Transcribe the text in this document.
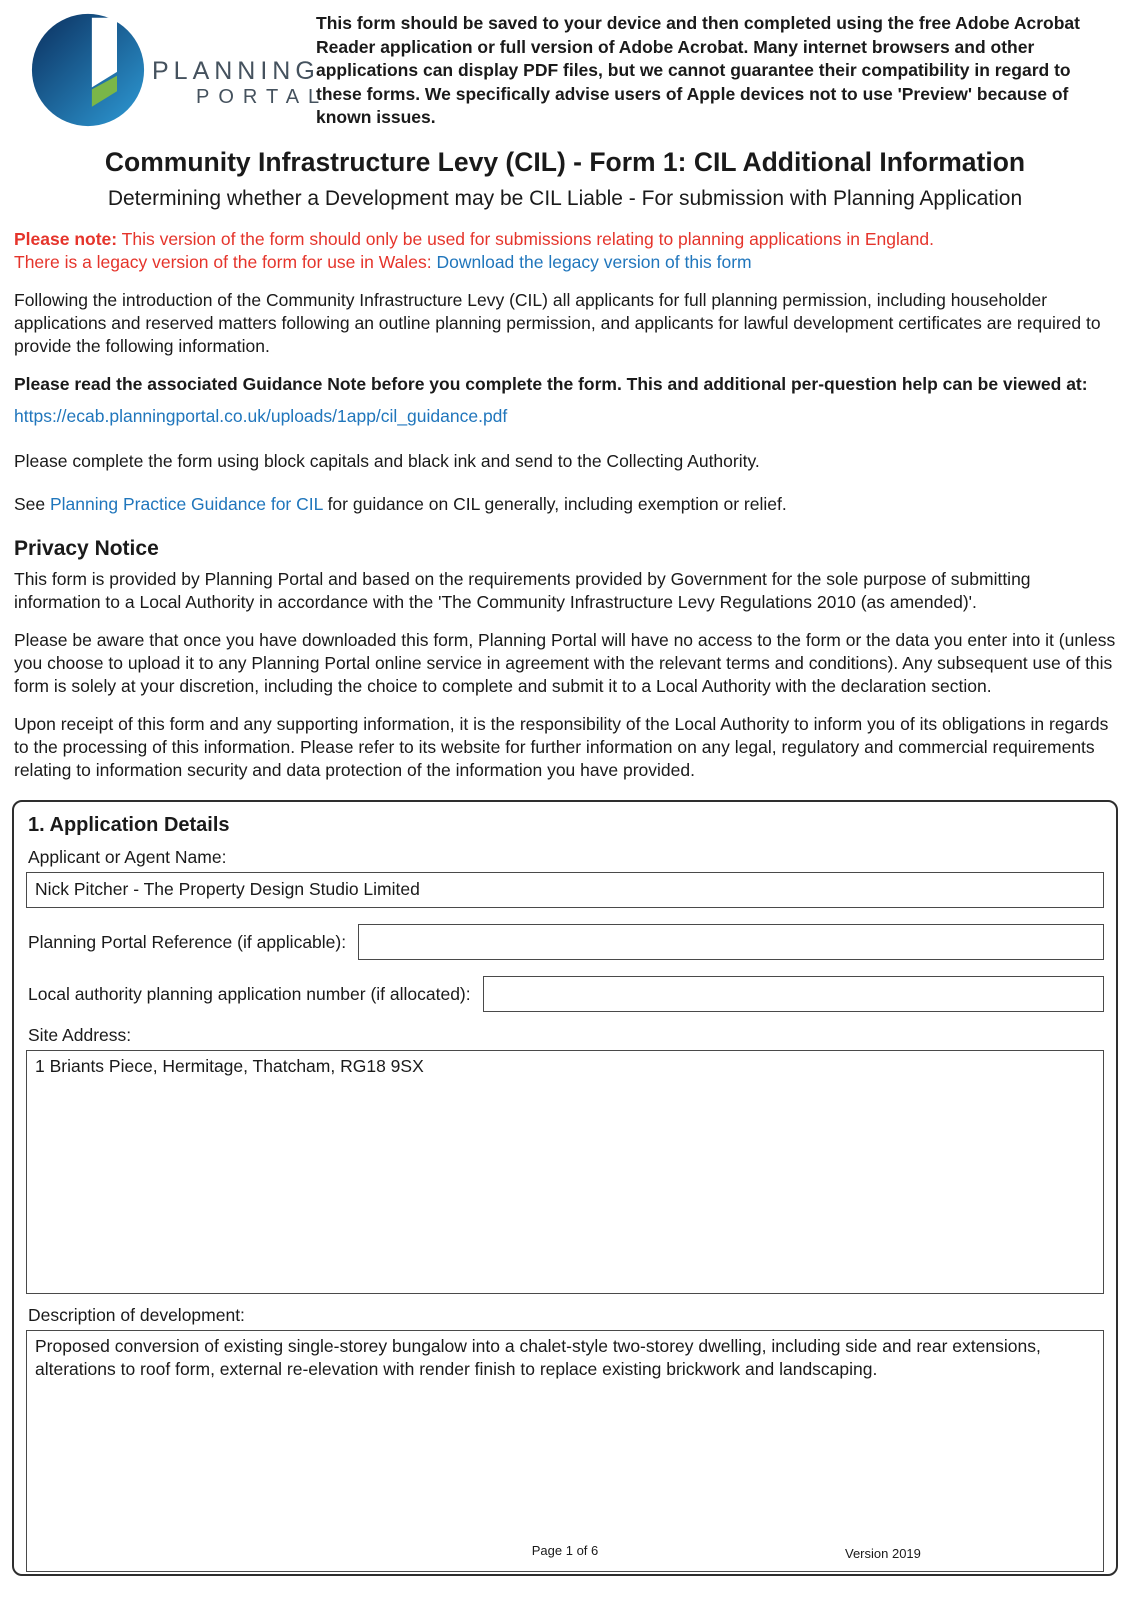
PLANNING
PORTAL
This form should be saved to your device and then completed using the free Adobe Acrobat Reader application or full version of Adobe Acrobat. Many internet browsers and other applications can display PDF files, but we cannot guarantee their compatibility in regard to these forms. We specifically advise users of Apple devices not to use 'Preview' because of known issues.
Community Infrastructure Levy (CIL) - Form 1: CIL Additional Information
Determining whether a Development may be CIL Liable - For submission with Planning Application
Please note: This version of the form should only be used for submissions relating to planning applications in England.
There is a legacy version of the form for use in Wales: Download the legacy version of this form

Following the introduction of the Community Infrastructure Levy (CIL) all applicants for full planning permission, including householder applications and reserved matters following an outline planning permission, and applicants for lawful development certificates are required to provide the following information.

Please read the associated Guidance Note before you complete the form. This and additional per-question help can be viewed at:

https://ecab.planningportal.co.uk/uploads/1app/cil_guidance.pdf

Please complete the form using block capitals and black ink and send to the Collecting Authority.

See Planning Practice Guidance for CIL for guidance on CIL generally, including exemption or relief.

Privacy Notice

This form is provided by Planning Portal and based on the requirements provided by Government for the sole purpose of submitting information to a Local Authority in accordance with the 'The Community Infrastructure Levy Regulations 2010 (as amended)'.

Please be aware that once you have downloaded this form, Planning Portal will have no access to the form or the data you enter into it (unless you choose to upload it to any Planning Portal online service in agreement with the relevant terms and conditions). Any subsequent use of this form is solely at your discretion, including the choice to complete and submit it to a Local Authority with the declaration section.

Upon receipt of this form and any supporting information, it is the responsibility of the Local Authority to inform you of its obligations in regards to the processing of this information. Please refer to its website for further information on any legal, regulatory and commercial requirements relating to information security and data protection of the information you have provided.

1. Application Details
Applicant or Agent Name:
Nick Pitcher - The Property Design Studio Limited
Planning Portal Reference (if applicable):
Local authority planning application number (if allocated):
Site Address:
1 Briants Piece, Hermitage, Thatcham, RG18 9SX
Description of development:
Proposed conversion of existing single-storey bungalow into a chalet-style two-storey dwelling, including side and rear extensions, alterations to roof form, external re-elevation with render finish to replace existing brickwork and landscaping.
Page 1 of 6	Version 2019
